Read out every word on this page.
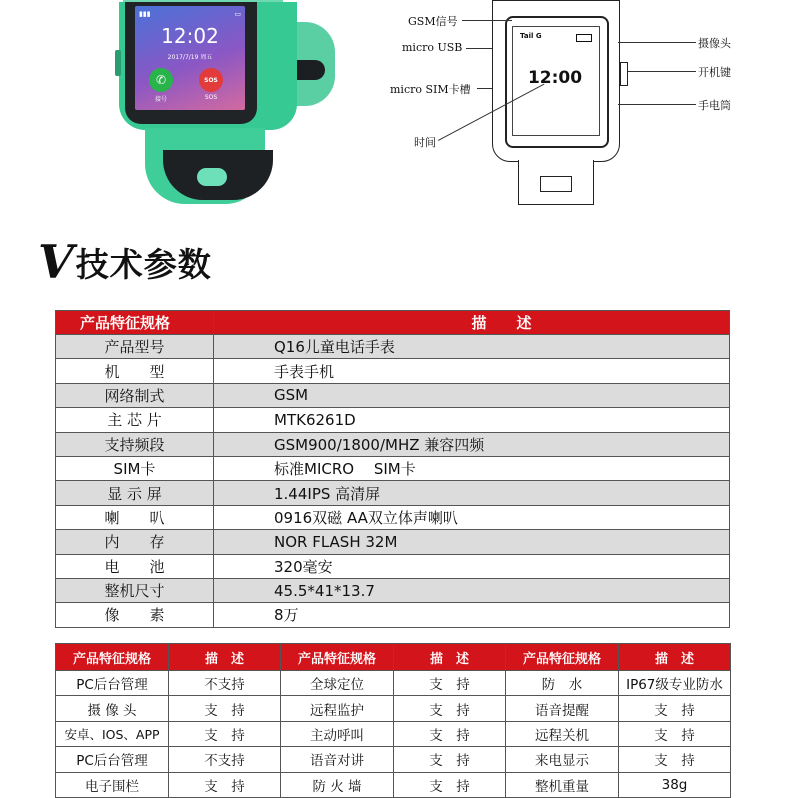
▮▮▮	▭
12:02
2017/7/19 周五
✆	SOS
接号	SOS
Tail G
12:00
GSM信号
micro USB
micro SIM卡槽
时间
摄像头
开机键
手电筒
V 技术参数
产品特征规格	描　　述
产品型号	Q16儿童电话手表
机　　型	手表手机
网络制式	GSM
主 芯 片	MTK6261D
支持频段	GSM900/1800/MHZ 兼容四频
SIM卡	标准MICRO　 SIM卡
显 示 屏	1.44IPS 高清屏
喇　　叭	0916双磁 AA双立体声喇叭
内　　存	NOR FLASH 32M
电　　池	320毫安
整机尺寸	45.5*41*13.7
像　　素	8万
产品特征规格	描　述	产品特征规格	描　述	产品特征规格	描　述
PC后台管理	不支持	全球定位	支　持	防　水	IP67级专业防水
摄 像 头	支　持	远程监护	支　持	语音提醒	支　持
安卓、IOS、APP	支　持	主动呼叫	支　持	远程关机	支　持
PC后台管理	不支持	语音对讲	支　持	来电显示	支　持
电子围栏	支　持	防 火 墙	支　持	整机重量	38g
